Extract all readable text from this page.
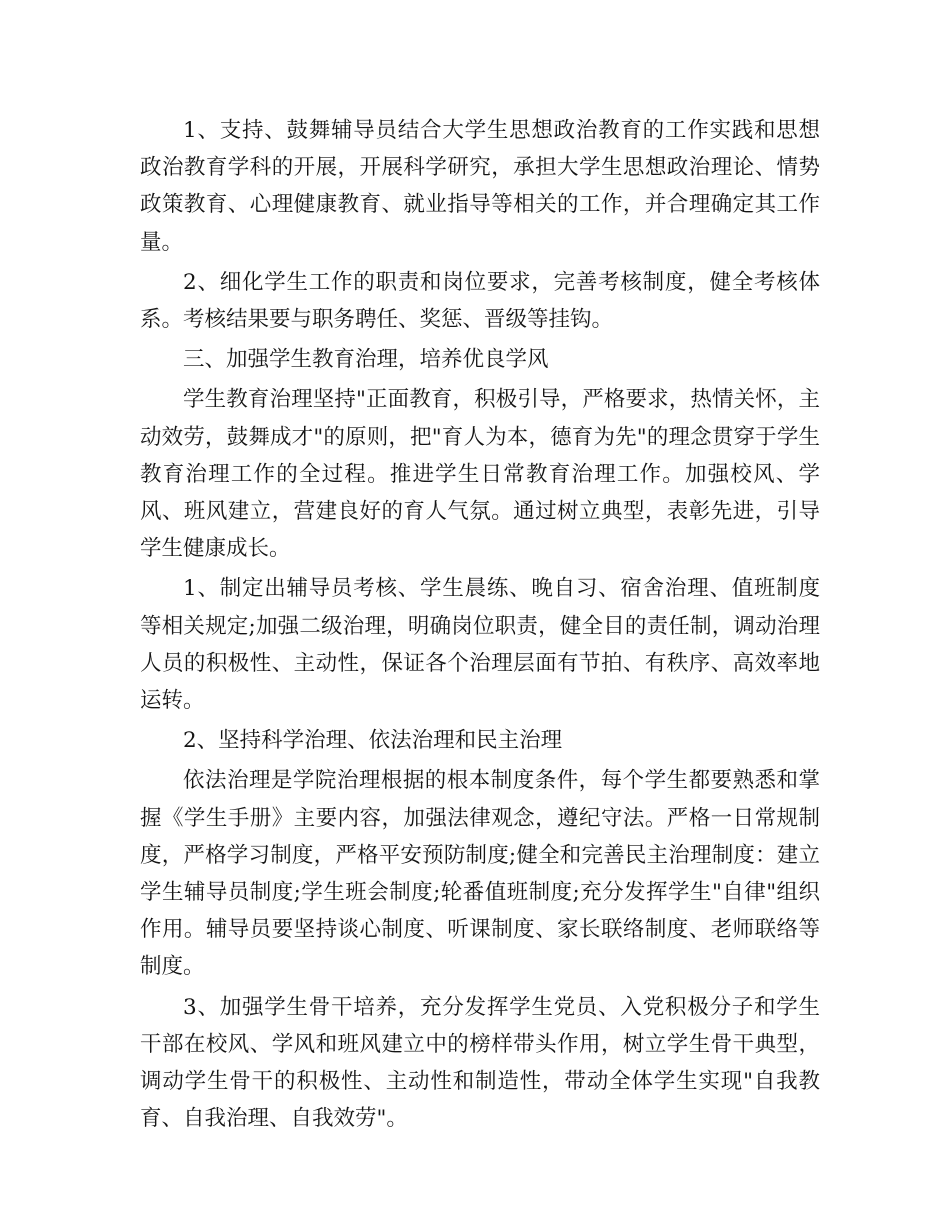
1、支持、鼓舞辅导员结合大学生思想政治教育的工作实践和思想政治教育学科的开展，开展科学研究，承担大学生思想政治理论、情势政策教育、心理健康教育、就业指导等相关的工作，并合理确定其工作量。

2、细化学生工作的职责和岗位要求，完善考核制度，健全考核体系。考核结果要与职务聘任、奖惩、晋级等挂钩。

三、加强学生教育治理，培养优良学风

学生教育治理坚持"正面教育，积极引导，严格要求，热情关怀，主动效劳，鼓舞成才"的原则，把"育人为本，德育为先"的理念贯穿于学生教育治理工作的全过程。推进学生日常教育治理工作。加强校风、学风、班风建立，营建良好的育人气氛。通过树立典型，表彰先进，引导学生健康成长。

1、制定出辅导员考核、学生晨练、晚自习、宿舍治理、值班制度等相关规定;加强二级治理，明确岗位职责，健全目的责任制，调动治理人员的积极性、主动性，保证各个治理层面有节拍、有秩序、高效率地运转。

2、坚持科学治理、依法治理和民主治理

依法治理是学院治理根据的根本制度条件，每个学生都要熟悉和掌握《学生手册》主要内容，加强法律观念，遵纪守法。严格一日常规制度，严格学习制度，严格平安预防制度;健全和完善民主治理制度：建立学生辅导员制度;学生班会制度;轮番值班制度;充分发挥学生"自律"组织作用。辅导员要坚持谈心制度、听课制度、家长联络制度、老师联络等制度。

3、加强学生骨干培养，充分发挥学生党员、入党积极分子和学生干部在校风、学风和班风建立中的榜样带头作用，树立学生骨干典型，调动学生骨干的积极性、主动性和制造性，带动全体学生实现"自我教育、自我治理、自我效劳"。
